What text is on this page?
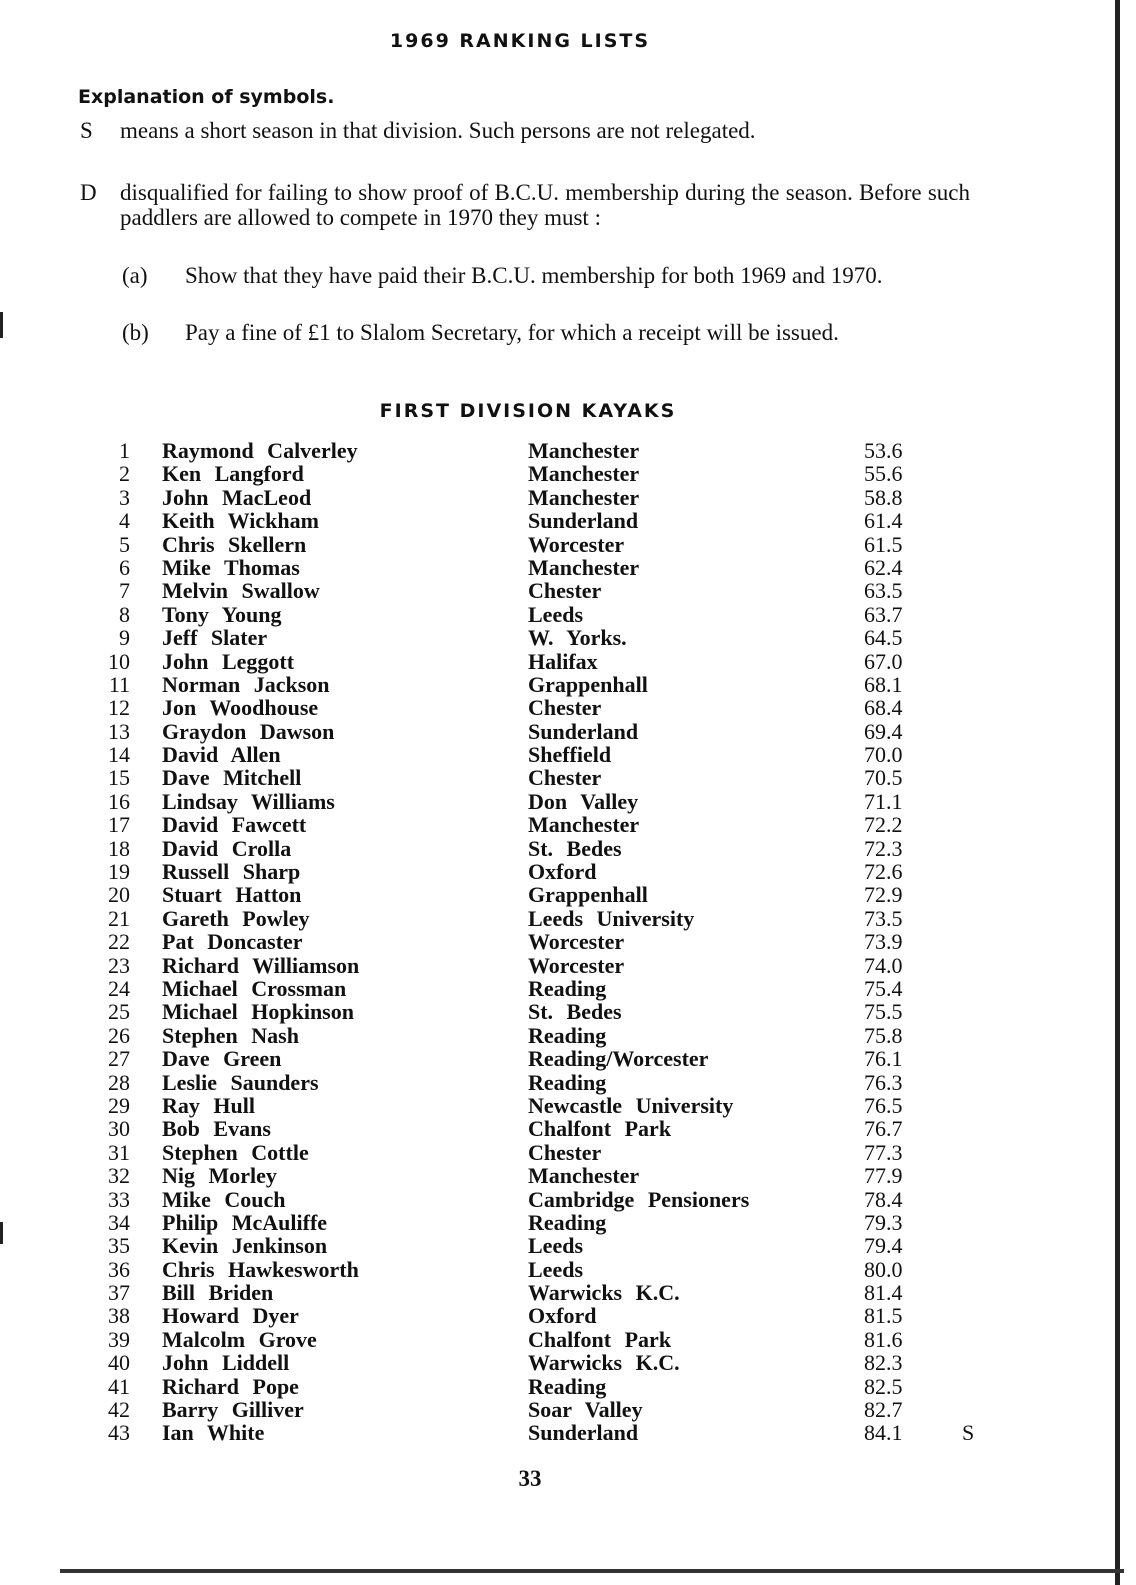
1969 RANKING LISTS
Explanation of symbols.
S means a short season in that division. Such persons are not relegated.
D disqualified for failing to show proof of B.C.U. membership during the season. Before such paddlers are allowed to compete in 1970 they must :
(a) Show that they have paid their B.C.U. membership for both 1969 and 1970.
(b) Pay a fine of £1 to Slalom Secretary, for which a receipt will be issued.
FIRST DIVISION KAYAKS
1 Raymond Calverley	Manchester	53.6
2 Ken Langford	Manchester	55.6
3 John MacLeod	Manchester	58.8
4 Keith Wickham	Sunderland	61.4
5 Chris Skellern	Worcester	61.5
6 Mike Thomas	Manchester	62.4
7 Melvin Swallow	Chester	63.5
8 Tony Young	Leeds	63.7
9 Jeff Slater	W. Yorks.	64.5
10 John Leggott	Halifax	67.0
11 Norman Jackson	Grappenhall	68.1
12 Jon Woodhouse	Chester	68.4
13 Graydon Dawson	Sunderland	69.4
14 David Allen	Sheffield	70.0
15 Dave Mitchell	Chester	70.5
16 Lindsay Williams	Don Valley	71.1
17 David Fawcett	Manchester	72.2
18 David Crolla	St. Bedes	72.3
19 Russell Sharp	Oxford	72.6
20 Stuart Hatton	Grappenhall	72.9
21 Gareth Powley	Leeds University	73.5
22 Pat Doncaster	Worcester	73.9
23 Richard Williamson	Worcester	74.0
24 Michael Crossman	Reading	75.4
25 Michael Hopkinson	St. Bedes	75.5
26 Stephen Nash	Reading	75.8
27 Dave Green	Reading/Worcester	76.1
28 Leslie Saunders	Reading	76.3
29 Ray Hull	Newcastle University	76.5
30 Bob Evans	Chalfont Park	76.7
31 Stephen Cottle	Chester	77.3
32 Nig Morley	Manchester	77.9
33 Mike Couch	Cambridge Pensioners	78.4
34 Philip McAuliffe	Reading	79.3
35 Kevin Jenkinson	Leeds	79.4
36 Chris Hawkesworth	Leeds	80.0
37 Bill Briden	Warwicks K.C.	81.4
38 Howard Dyer	Oxford	81.5
39 Malcolm Grove	Chalfont Park	81.6
40 John Liddell	Warwicks K.C.	82.3
41 Richard Pope	Reading	82.5
42 Barry Gilliver	Soar Valley	82.7
43 Ian White	Sunderland	84.1	S
33
